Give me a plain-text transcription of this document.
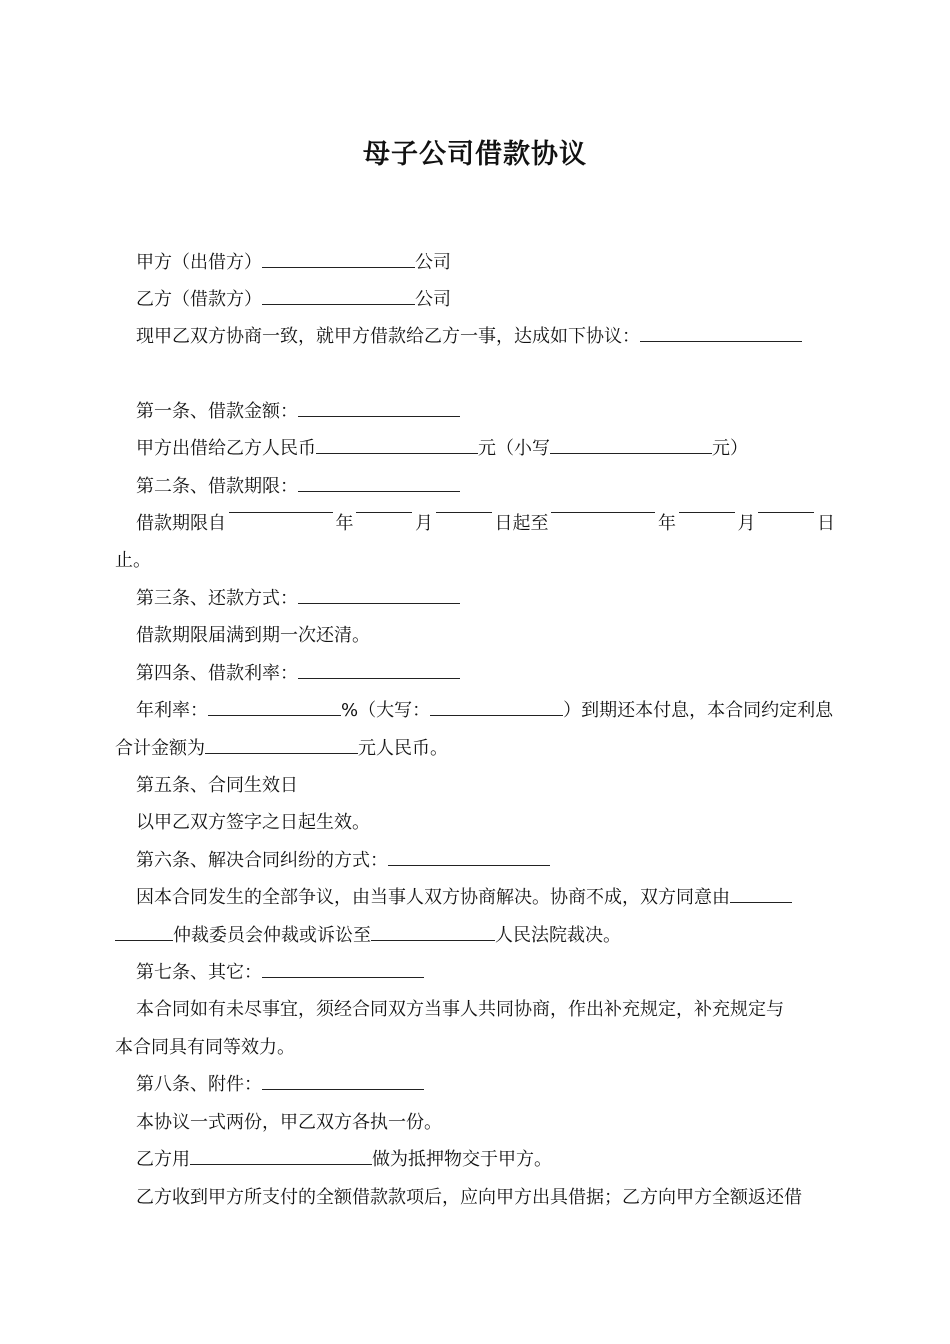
母子公司借款协议
甲方（出借方）	公司
乙方（借款方）	公司
现甲乙双方协商一致，就甲方借款给乙方一事，达成如下协议：
第一条、借款金额：
甲方出借给乙方人民币	元（小写	元）
第二条、借款期限：
借款期限自	年	月	日起至	年	月	日
止。
第三条、还款方式：
借款期限届满到期一次还清。
第四条、借款利率：
年利率：	%（大写：	）到期还本付息，本合同约定利息
合计金额为	元人民币。
第五条、合同生效日
以甲乙双方签字之日起生效。
第六条、解决合同纠纷的方式：
因本合同发生的全部争议，由当事人双方协商解决。协商不成，双方同意由
仲裁委员会仲裁或诉讼至	人民法院裁决。
第七条、其它：
本合同如有未尽事宜，须经合同双方当事人共同协商，作出补充规定，补充规定与
本合同具有同等效力。
第八条、附件：
本协议一式两份，甲乙双方各执一份。
乙方用	做为抵押物交于甲方。
乙方收到甲方所支付的全额借款款项后，应向甲方出具借据；乙方向甲方全额返还借
